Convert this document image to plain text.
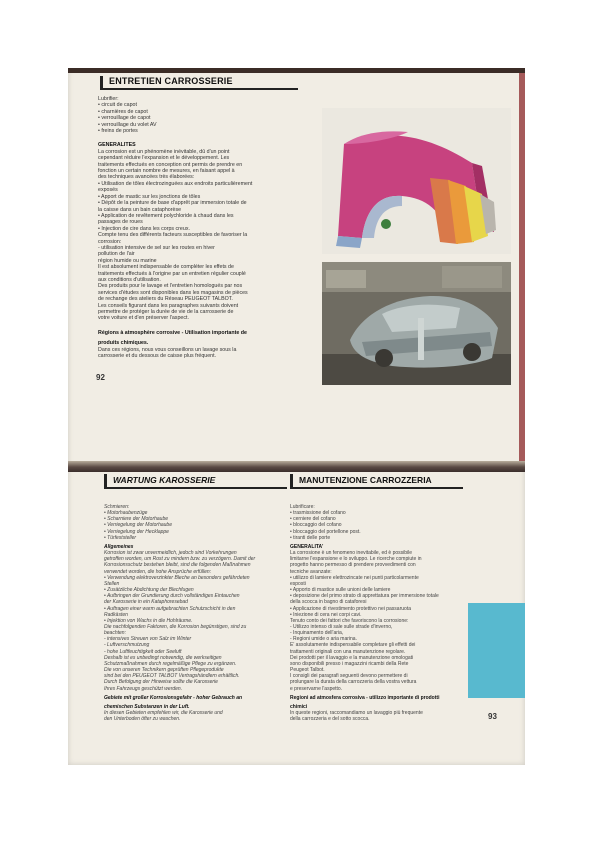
ENTRETIEN CARROSSERIE
Lubrifier:
• circuit de capot
• charnières de capot
• verrouillage de capot
• verrouillage du volet AV
• freins de portes
GENERALITES
La corrosion est un phénomène inévitable, dû d'un point
cependant réduire l'expansion et le développement. Les
traitements effectués en conception ont permis de prendre en
fonction un certain nombre de mesures, en faisant appel à
des techniques avancées très élaborées:
• Utilisation de tôles électrozinguées aux endroits particulièrement
exposés
• Apport de mastic sur les jonctions de tôles
• Dépôt de la peinture de base d'apprêt par immersion totale de
la caisse dans un bain cataphorèse
• Application de revêtement polychloride à chaud dans les
passages de roues
• Injection de cire dans les corps creux.
Compte tenu des différents facteurs susceptibles de favoriser la
corrosion:
- utilisation intensive de sel sur les routes en hiver
pollution de l'air
région humide ou marine
Il est absolument indispensable de compléter les effets de
traitements effectués à l'origine par un entretien régulier couplé
aux conditions d'utilisation.
Des produits pour le lavage et l'entretien homologués par nos
services d'études sont disponibles dans les magasins de pièces
de rechange des ateliers du Réseau PEUGEOT TALBOT.
Les conseils figurant dans les paragraphes suivants doivent
permettre de protéger la durée de vie de la carrosserie de
votre voiture et d'en préserver l'aspect.
Régions à atmosphère corrosive - Utilisation importante de
produits chimiques.
Dans ces régions, nous vous conseillons un lavage sous la
carrosserie et du dessous de caisse plus fréquent.
92
WARTUNG KAROSSERIE	MANUTENZIONE CARROZZERIA
Schmieren:
• Motorhaubenzüge
• Scharniere der Motorhaube
• Verriegelung der Motorhaube
• Verriegelung der Hecklappe
• Türfeststeller
Allgemeines
Korrosion ist zwar unvermeidlich, jedoch sind Vorkehrungen
getroffen worden, um Rost zu mindern bzw. zu verzögern. Damit der
Korrosionsschutz bestehen bleibt, sind die folgenden Maßnahmen
verwendet worden, die hohe Ansprüche erfüllen:
• Verwendung elektroverzinkter Bleche an besonders gefährdeten
Stellen
• Zusätzliche Abdichtung der Blechfugen
• Aufbringen der Grundierung durch vollständiges Eintauchen
der Karosserie in ein Kataphoresebad
• Auftragen einer warm aufgebrachten Schutzschicht in den
Radkästen
• Injektion von Wachs in die Hohlräume.
Die nachfolgenden Faktoren, die Korrosion begünstigen, sind zu
beachten:
- intensives Streuen von Salz im Winter
- Luftverschmutzung
- hohe Luftfeuchtigkeit oder Seeluft
Deshalb ist es unbedingt notwendig, die werkseitigen
Schutzmaßnahmen durch regelmäßige Pflege zu ergänzen.
Die von unseren Technikern geprüften Pflegeprodukte
sind bei den PEUGEOT TALBOT Vertragshändlern erhältlich.
Durch Befolgung der Hinweise sollte die Karosserie
Ihres Fahrzeugs geschützt werden.
Gebiete mit großer Korrosionsgefahr - hoher Gebrauch an
chemischen Substanzen in der Luft.
In diesen Gebieten empfehlen wir, die Karosserie und
den Unterboden öfter zu waschen.
Lubrificare:
• trasmissione del cofano
• cerniere del cofano
• bloccaggio del cofano
• bloccaggio del portellone post.
• tiranti delle porte
GENERALITA'
La corrosione è un fenomeno inevitabile, ed è possibile
limitarne l'espansione e lo sviluppo. Le ricerche compiute in
progetto hanno permesso di prendere provvedimenti con
tecniche avanzate:
• utilizzo di lamiere elettrozincate nei punti particolarmente
esposti
• Apporto di mastice sulle unioni delle lamiere
• deposizione del primo strato di apprettatura per immersione totale
della scocca in bagno di cataforesi
• Applicazione di rivestimento protettivo nei passaruota
• Iniezione di cera nei corpi cavi.
Tenuto conto dei fattori che favoriscono la corrosione:
- Utilizzo intenso di sale sulle strade d'inverno,
- Inquinamento dell'aria,
- Regioni umide o aria marina.
E' assolutamente indispensabile completare gli effetti dei
trattamenti originali con una manutenzione regolare.
Dei prodotti per il lavaggio e la manutenzione omologati
sono disponibili presso i magazzini ricambi della Rete
Peugeot Talbot.
I consigli dei paragrafi seguenti devono permettere di
prolungare la durata della carrozzeria della vostra vettura
e preservarne l'aspetto.
Regioni ad atmosfera corrosiva - utilizzo importante di prodotti
chimici
In queste regioni, raccomandiamo un lavaggio più frequente
della carrozzeria e del sotto scocca.	93
